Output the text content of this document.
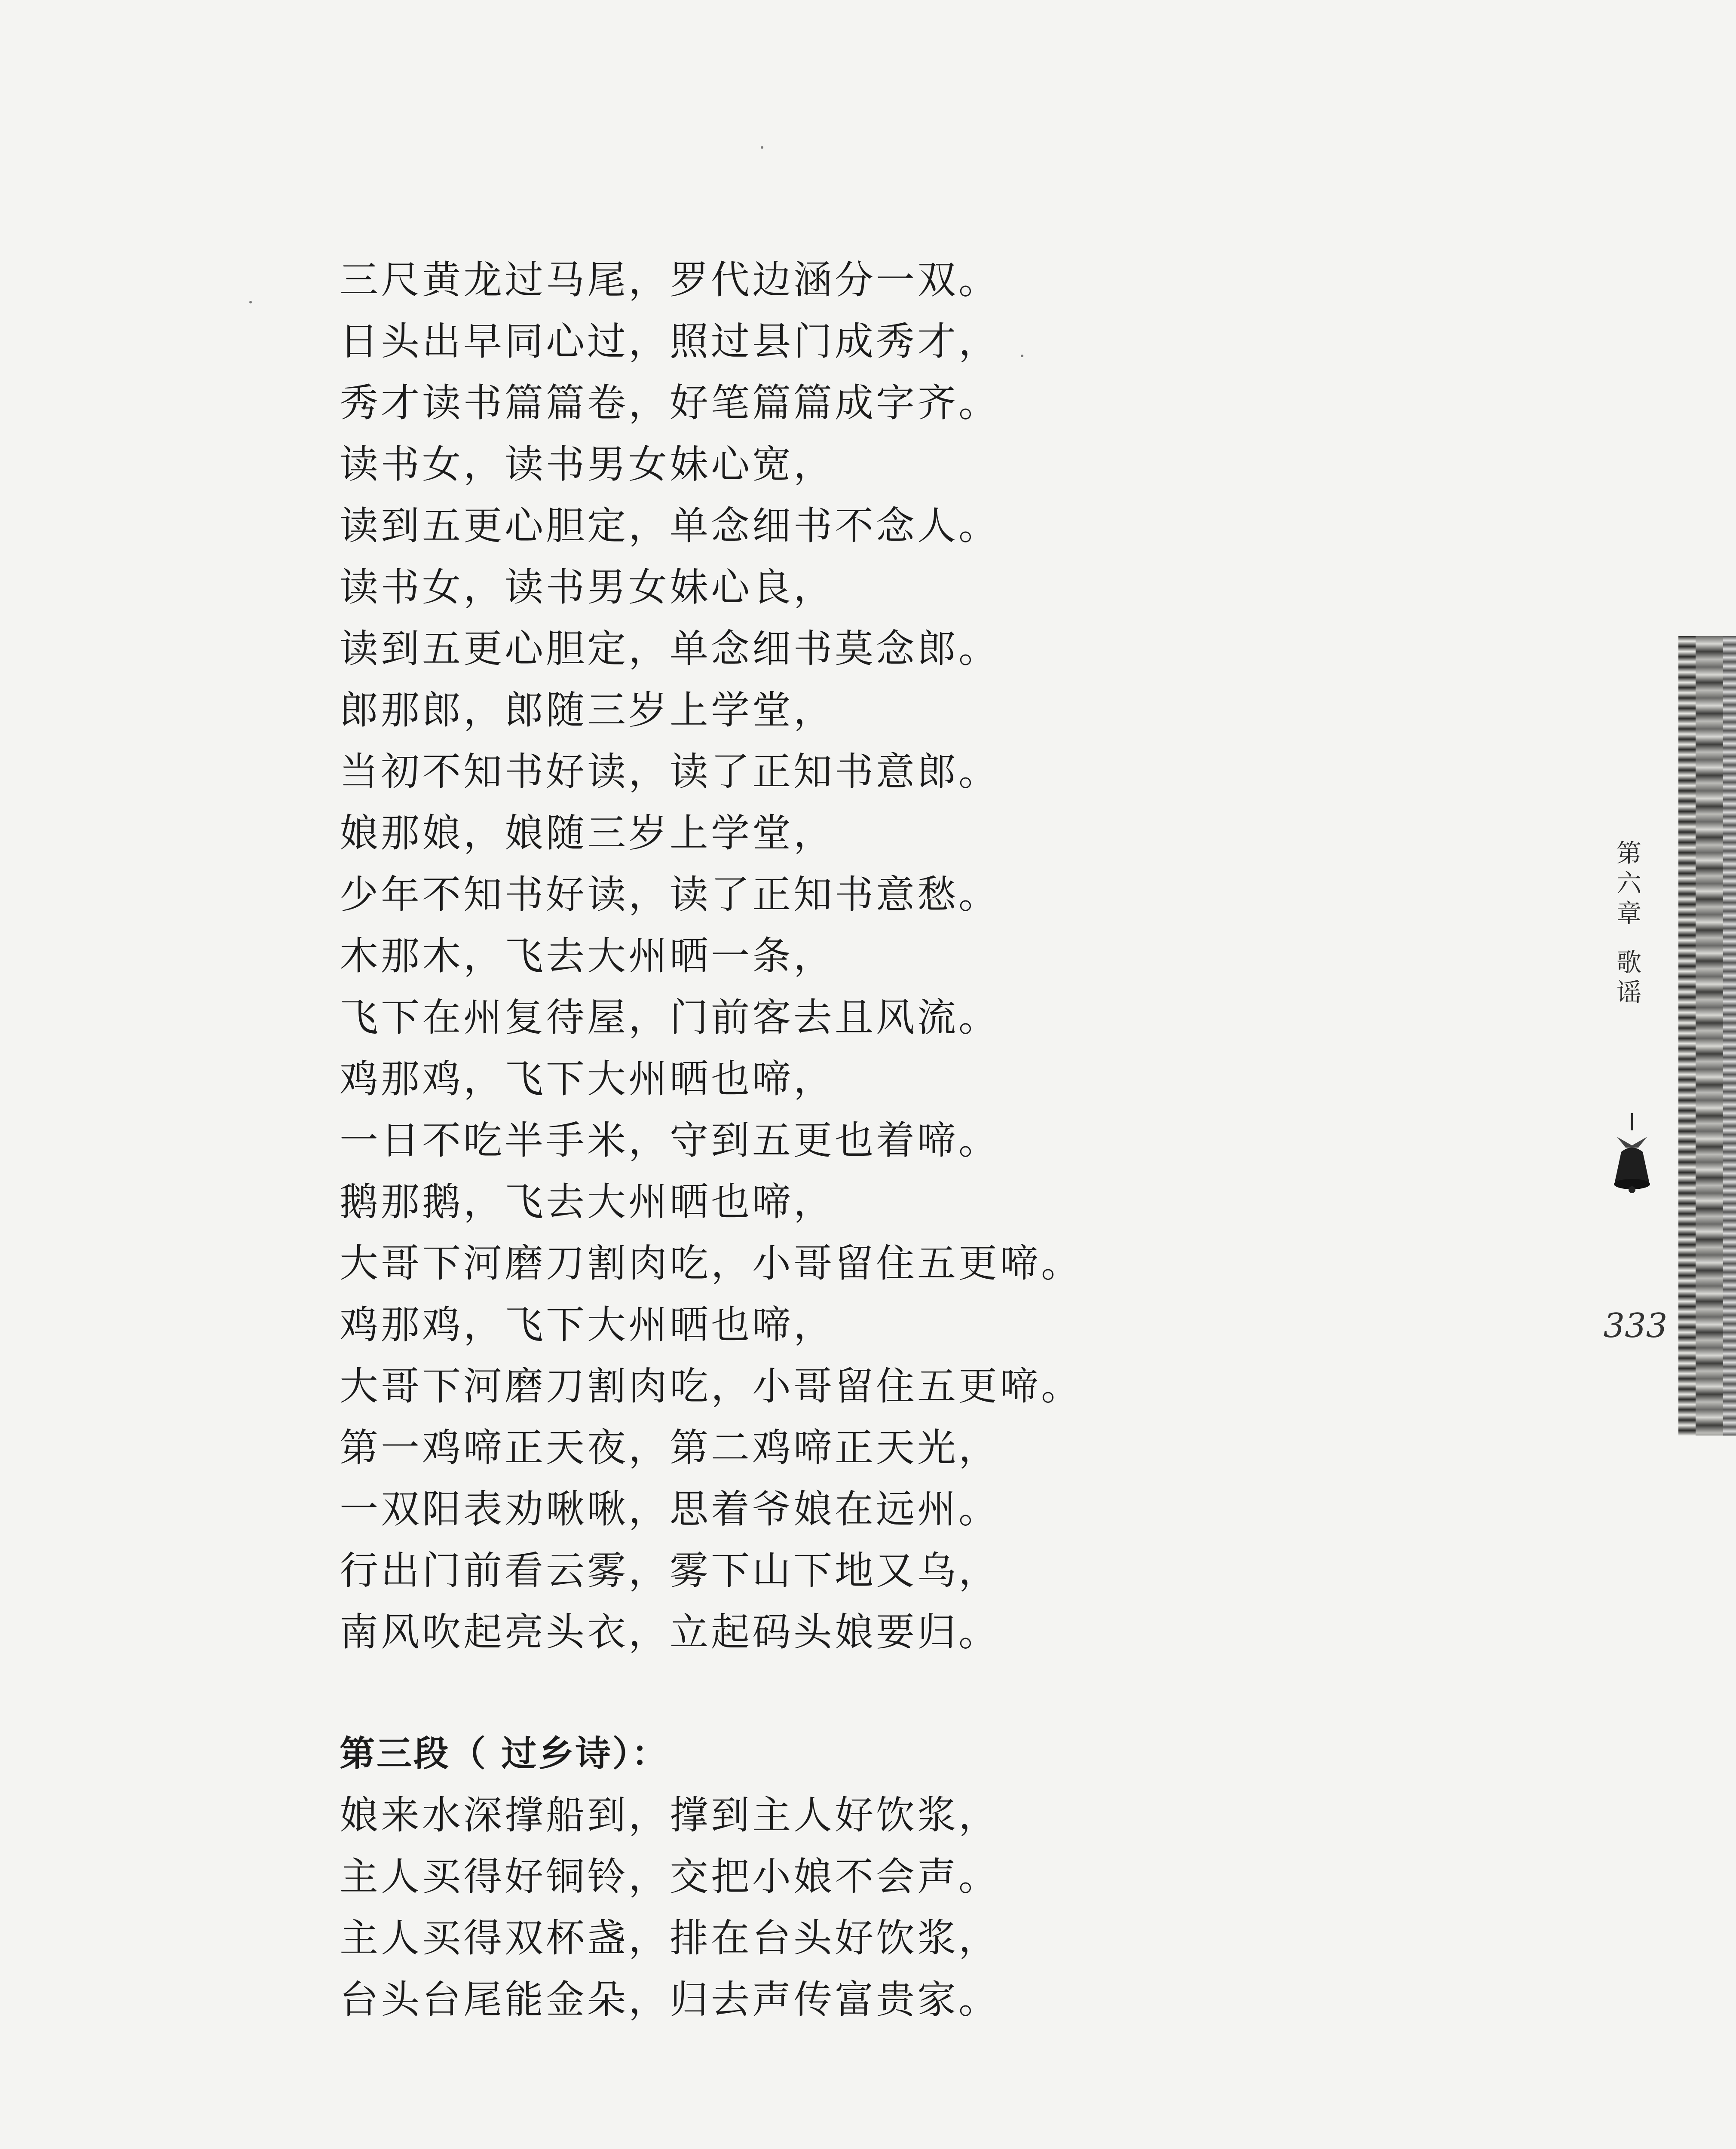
三尺黄龙过马尾，罗代边涵分一双。
日头出早同心过，照过县门成秀才，
秀才读书篇篇卷，好笔篇篇成字齐。
读书女，读书男女妹心宽，
读到五更心胆定，单念细书不念人。
读书女，读书男女妹心良，
读到五更心胆定，单念细书莫念郎。
郎那郎，郎随三岁上学堂，
当初不知书好读，读了正知书意郎。
娘那娘，娘随三岁上学堂，
少年不知书好读，读了正知书意愁。
木那木，飞去大州晒一条，
飞下在州复待屋，门前客去且风流。
鸡那鸡，飞下大州晒也啼，
一日不吃半手米，守到五更也着啼。
鹅那鹅，飞去大州晒也啼，
大哥下河磨刀割肉吃，小哥留住五更啼。
鸡那鸡，飞下大州晒也啼，
大哥下河磨刀割肉吃，小哥留住五更啼。
第一鸡啼正天夜，第二鸡啼正天光，
一双阳表劝啾啾，思着爷娘在远州。
行出门前看云雾，雾下山下地又乌，
南风吹起亮头衣，立起码头娘要归。
第三段（ 过乡诗）：
娘来水深撑船到，撑到主人好饮浆，
主人买得好铜铃，交把小娘不会声。
主人买得双杯盏，排在台头好饮浆，
台头台尾能金朵，归去声传富贵家。
第
六
章
歌
谣
333
